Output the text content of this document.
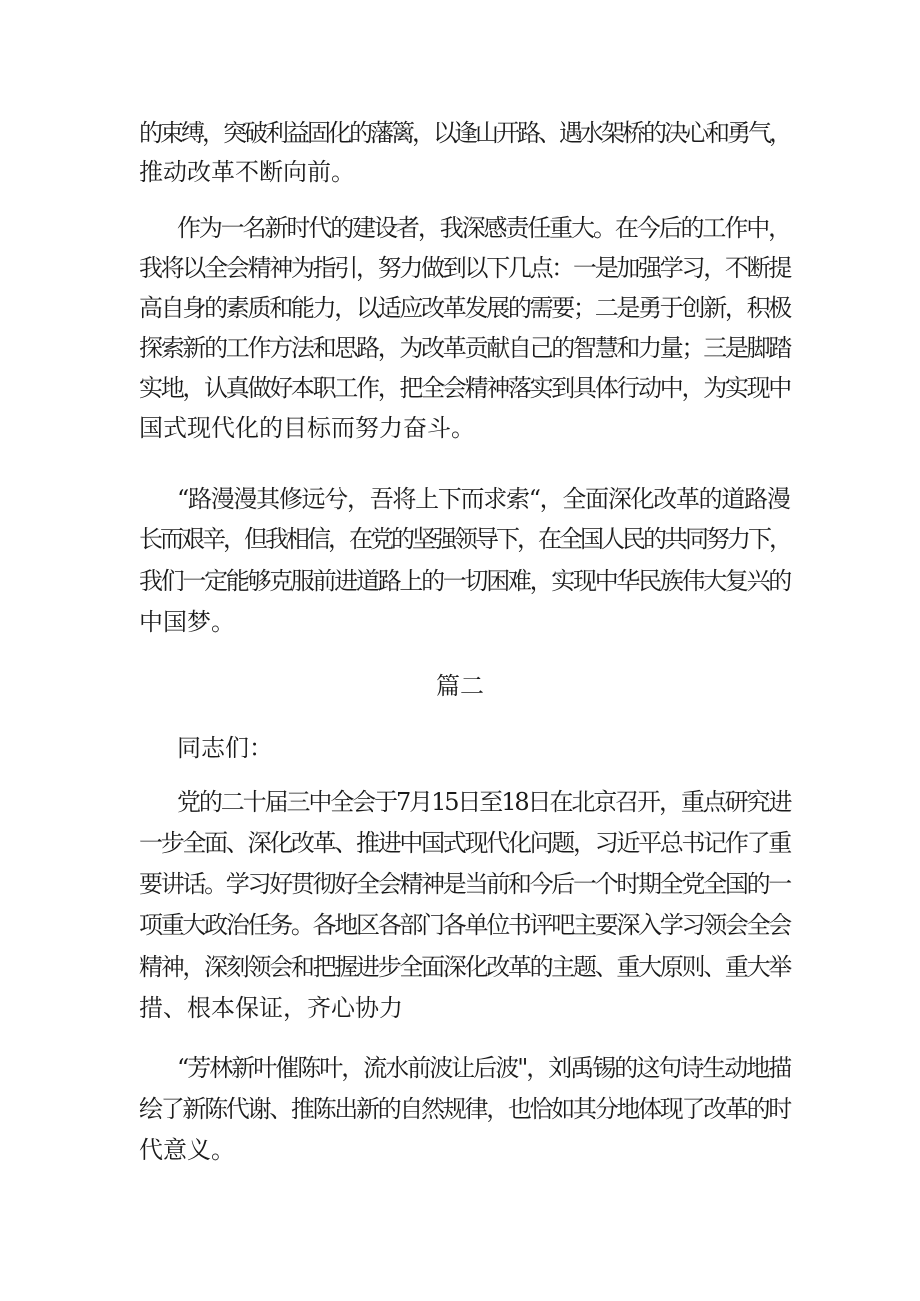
的束缚，突破利益固化的藩篱，以逢山开路、遇水架桥的决心和勇气，
推动改革不断向前。
作为一名新时代的建设者，我深感责任重大。在今后的工作中，
我将以全会精神为指引，努力做到以下几点：一是加强学习，不断提
高自身的素质和能力，以适应改革发展的需要；二是勇于创新，积极
探索新的工作方法和思路，为改革贡献自己的智慧和力量；三是脚踏
实地，认真做好本职工作，把全会精神落实到具体行动中，为实现中
国式现代化的目标而努力奋斗。
“路漫漫其修远兮，吾将上下而求索“，全面深化改革的道路漫
长而艰辛，但我相信，在党的坚强领导下，在全国人民的共同努力下，
我们一定能够克服前进道路上的一切困难，实现中华民族伟大复兴的
中国梦。
篇二
同志们：
党的二十届三中全会于7月15日至18日在北京召开，重点研究进
一步全面、深化改革、推进中国式现代化问题，习近平总书记作了重
要讲话。学习好贯彻好全会精神是当前和今后一个时期全党全国的一
项重大政治任务。各地区各部门各单位书评吧主要深入学习领会全会
精神，深刻领会和把握进步全面深化改革的主题、重大原则、重大举
措、根本保证，齐心协力
“芳林新叶催陈叶，流水前波让后波"，刘禹锡的这句诗生动地描
绘了新陈代谢、推陈出新的自然规律，也恰如其分地体现了改革的时
代意义。
